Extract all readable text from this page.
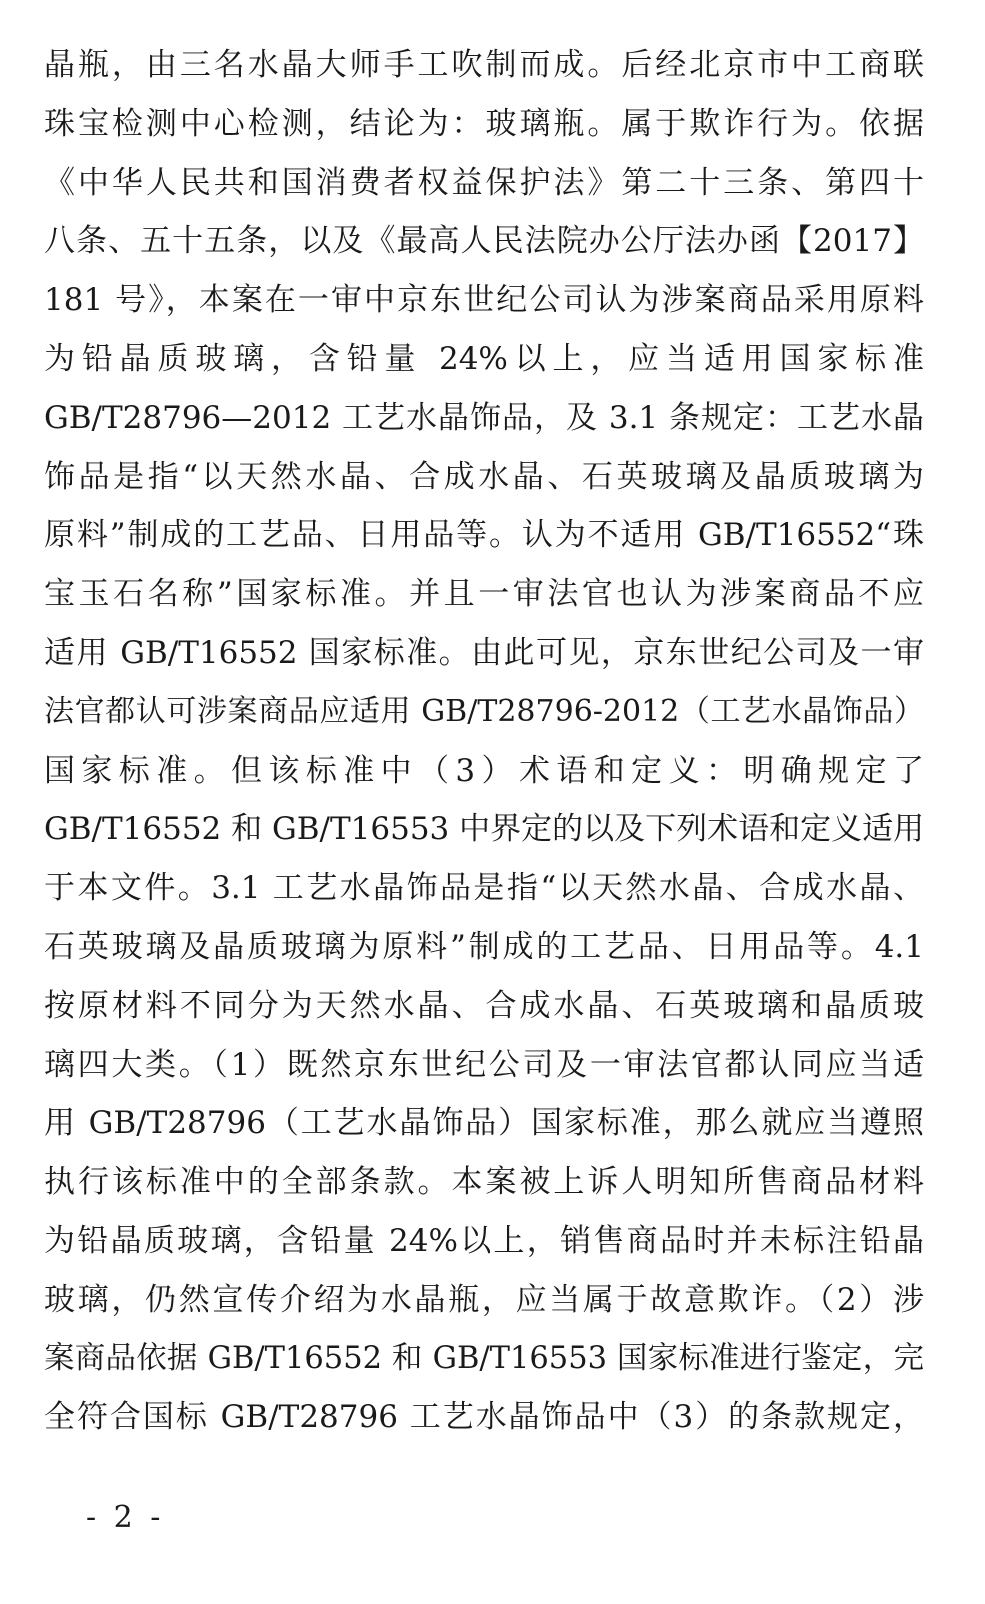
晶瓶，由三名水晶大师手工吹制而成。后经北京市中工商联
珠宝检测中心检测，结论为：玻璃瓶。属于欺诈行为。依据
《中华人民共和国消费者权益保护法》第二十三条、第四十
八条、五十五条，以及《最高人民法院办公厅法办函【2017】
181 号》，本案在一审中京东世纪公司认为涉案商品采用原料
为铅晶质玻璃，含铅量 24%以上，应当适用国家标准
GB/T28796—2012 工艺水晶饰品，及 3.1 条规定：工艺水晶
饰品是指“以天然水晶、合成水晶、石英玻璃及晶质玻璃为
原料”制成的工艺品、日用品等。认为不适用 GB/T16552“珠
宝玉石名称”国家标准。并且一审法官也认为涉案商品不应
适用 GB/T16552 国家标准。由此可见，京东世纪公司及一审
法官都认可涉案商品应适用 GB/T28796-2012（工艺水晶饰品）
国家标准。但该标准中（3）术语和定义：明确规定了
GB/T16552 和 GB/T16553 中界定的以及下列术语和定义适用
于本文件。3.1 工艺水晶饰品是指“以天然水晶、合成水晶、
石英玻璃及晶质玻璃为原料”制成的工艺品、日用品等。4.1
按原材料不同分为天然水晶、合成水晶、石英玻璃和晶质玻
璃四大类。（1）既然京东世纪公司及一审法官都认同应当适
用 GB/T28796（工艺水晶饰品）国家标准，那么就应当遵照
执行该标准中的全部条款。本案被上诉人明知所售商品材料
为铅晶质玻璃，含铅量 24%以上，销售商品时并未标注铅晶
玻璃，仍然宣传介绍为水晶瓶，应当属于故意欺诈。（2）涉
案商品依据 GB/T16552 和 GB/T16553 国家标准进行鉴定，完
全符合国标 GB/T28796 工艺水晶饰品中（3）的条款规定，
- 2 -
